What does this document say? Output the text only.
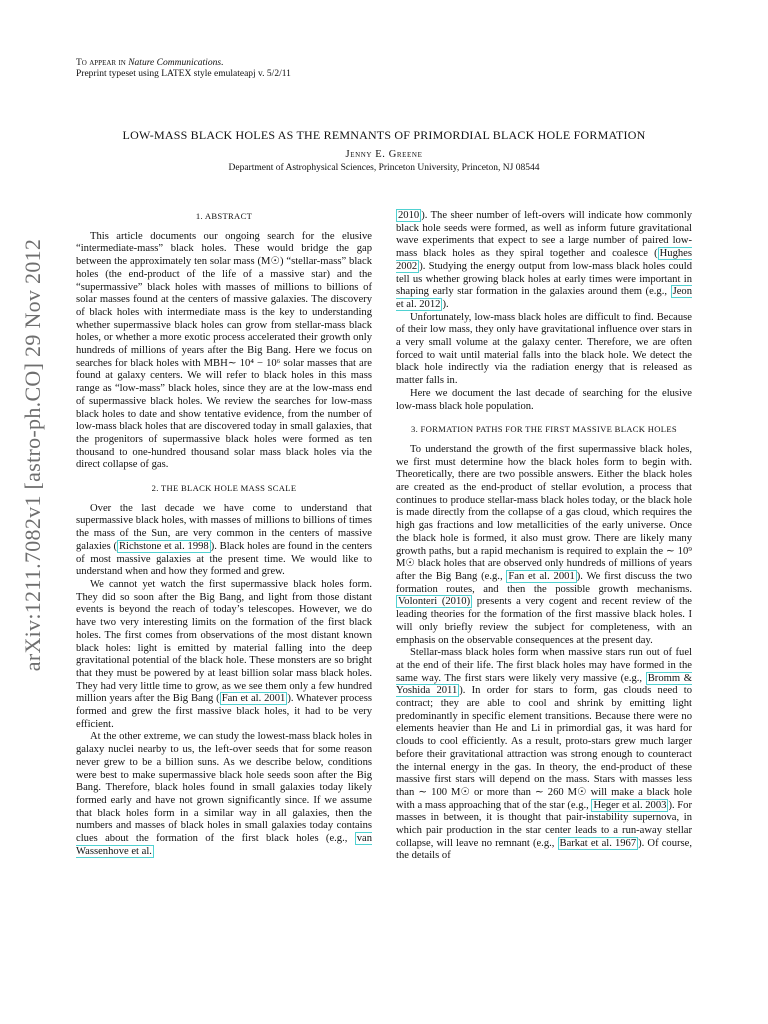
arXiv:1211.7082v1 [astro-ph.CO] 29 Nov 2012
To appear in Nature Communications.
Preprint typeset using LATEX style emulateapj v. 5/2/11
LOW-MASS BLACK HOLES AS THE REMNANTS OF PRIMORDIAL BLACK HOLE FORMATION
Jenny E. Greene
Department of Astrophysical Sciences, Princeton University, Princeton, NJ 08544
1. ABSTRACT

This article documents our ongoing search for the elusive “intermediate-mass” black holes. These would bridge the gap between the approximately ten solar mass (M☉) “stellar-mass” black holes (the end-product of the life of a massive star) and the “supermassive” black holes with masses of millions to billions of solar masses found at the centers of massive galaxies. The discovery of black holes with intermediate mass is the key to understanding whether supermassive black holes can grow from stellar-mass black holes, or whether a more exotic process accelerated their growth only hundreds of millions of years after the Big Bang. Here we focus on searches for black holes with MBH∼ 10⁴ − 10⁶ solar masses that are found at galaxy centers. We will refer to black holes in this mass range as “low-mass” black holes, since they are at the low-mass end of supermassive black holes. We review the searches for low-mass black holes to date and show tentative evidence, from the number of low-mass black holes that are discovered today in small galaxies, that the progenitors of supermassive black holes were formed as ten thousand to one-hundred thousand solar mass black holes via the direct collapse of gas.

2. THE BLACK HOLE MASS SCALE

Over the last decade we have come to understand that supermassive black holes, with masses of millions to billions of times the mass of the Sun, are very common in the centers of massive galaxies ( Richstone et al. 1998 ). Black holes are found in the centers of most massive galaxies at the present time. We would like to understand when and how they formed and grew.

We cannot yet watch the first supermassive black holes form. They did so soon after the Big Bang, and light from those distant events is beyond the reach of today’s telescopes. However, we do have two very interesting limits on the formation of the first black holes. The first comes from observations of the most distant known black holes: light is emitted by material falling into the deep gravitational potential of the black hole. These monsters are so bright that they must be powered by at least billion solar mass black holes. They had very little time to grow, as we see them only a few hundred million years after the Big Bang ( Fan et al. 2001 ). Whatever process formed and grew the first massive black holes, it had to be very efficient.

At the other extreme, we can study the lowest-mass black holes in galaxy nuclei nearby to us, the left-over seeds that for some reason never grew to be a billion suns. As we describe below, conditions were best to make supermassive black hole seeds soon after the Big Bang. Therefore, black holes found in small galaxies today likely formed early and have not grown significantly since. If we assume that black holes form in a similar way in all galaxies, then the numbers and masses of black holes in small galaxies today contains clues about the formation of the first black holes (e.g., van Wassenhove et al.

2010 ). The sheer number of left-overs will indicate how commonly black hole seeds were formed, as well as inform future gravitational wave experiments that expect to see a large number of paired low-mass black holes as they spiral together and coalesce ( Hughes 2002 ). Studying the energy output from low-mass black holes could tell us whether growing black holes at early times were important in shaping early star formation in the galaxies around them (e.g., Jeon et al. 2012 ).

Unfortunately, low-mass black holes are difficult to find. Because of their low mass, they only have gravitational influence over stars in a very small volume at the galaxy center. Therefore, we are often forced to wait until material falls into the black hole. We detect the black hole indirectly via the radiation energy that is released as matter falls in.

Here we document the last decade of searching for the elusive low-mass black hole population.

3. FORMATION PATHS FOR THE FIRST MASSIVE BLACK HOLES

To understand the growth of the first supermassive black holes, we first must determine how the black holes form to begin with. Theoretically, there are two possible answers. Either the black holes are created as the end-product of stellar evolution, a process that continues to produce stellar-mass black holes today, or the black hole is made directly from the collapse of a gas cloud, which requires the high gas fractions and low metallicities of the early universe. Once the black hole is formed, it also must grow. There are likely many growth paths, but a rapid mechanism is required to explain the ∼ 10⁹ M☉ black holes that are observed only hundreds of millions of years after the Big Bang (e.g., Fan et al. 2001 ). We first discuss the two formation routes, and then the possible growth mechanisms. Volonteri (2010) presents a very cogent and recent review of the leading theories for the formation of the first massive black holes. I will only briefly review the subject for completeness, with an emphasis on the observable consequences at the present day.

Stellar-mass black holes form when massive stars run out of fuel at the end of their life. The first black holes may have formed in the same way. The first stars were likely very massive (e.g., Bromm & Yoshida 2011 ). In order for stars to form, gas clouds need to contract; they are able to cool and shrink by emitting light predominantly in specific element transitions. Because there were no elements heavier than He and Li in primordial gas, it was hard for clouds to cool efficiently. As a result, proto-stars grew much larger before their gravitational attraction was strong enough to counteract the internal energy in the gas. In theory, the end-product of these massive first stars will depend on the mass. Stars with masses less than ∼ 100 M☉ or more than ∼ 260 M☉ will make a black hole with a mass approaching that of the star (e.g., Heger et al. 2003 ). For masses in between, it is thought that pair-instability supernova, in which pair production in the star center leads to a run-away stellar collapse, will leave no remnant (e.g., Barkat et al. 1967 ). Of course, the details of
